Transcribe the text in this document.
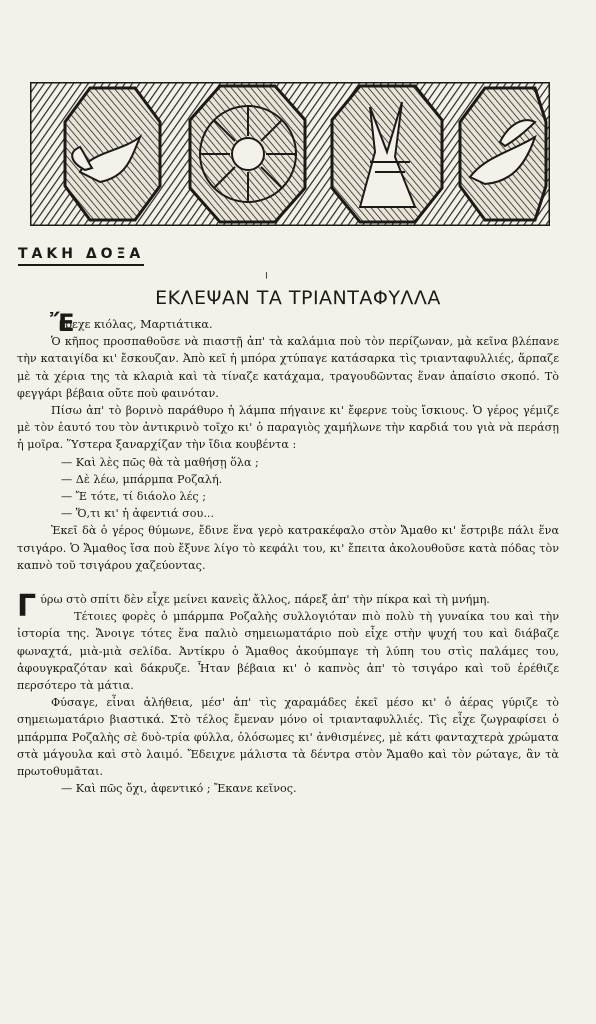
ΤΑΚΗ ΔΟΞΑ
╷
ΕΚΛΕΨΑΝ ΤΑ ΤΡΙΑΝΤΑΦΥΛΛΑ

Ἔ
βρεχε κιόλας, Μαρτιάτικα.

Ὁ κῆπος προσπαθοῦσε νὰ πιαστῇ ἀπ' τὰ καλάμια ποὺ τὸν περίζωναν, μὰ κεῖνα βλέπανε τὴν καταιγίδα κι' ἔσκουζαν. Ἀπὸ κεῖ ἡ μπόρα χτύπαγε κατάσαρκα τὶς τριανταφυλλιές, ἅρπαζε μὲ τὰ χέρια της τὰ κλαριὰ καὶ τὰ τίναζε κατάχαμα, τραγουδῶντας ἕναν ἀπαίσιο σκοπό. Τὸ φεγγάρι βέβαια οὔτε ποὺ φαινόταν.

Πίσω ἀπ' τὸ βορινὸ παράθυρο ἡ λάμπα πήγαινε κι' ἔφερνε τοὺς ἴσκιους. Ὁ γέρος γέμιζε μὲ τὸν ἑαυτό του τὸν ἀντικρινὸ τοῖχο κι' ὁ παραγιὸς χαμήλωνε τὴν καρδιά του γιὰ νὰ περάσῃ ἡ μοῖρα. Ὕστερα ξαναρχίζαν τὴν ἴδια κουβέντα :

— Καὶ λὲς πῶς θὰ τὰ μαθήσῃ ὅλα ;

— Δὲ λέω, μπάρμπα Ροζαλή.

— Ἔ τότε, τί διάολο λές ;

— Ὅ,τι κι' ἡ ἀφεντιά σου...

Ἐκεῖ δὰ ὁ γέρος θύμωνε, ἔδινε ἕνα γερὸ κατρακέφαλο στὸν Ἄμαθο κι' ἔστριβε πάλι ἕνα τσιγάρο. Ὁ Ἄμαθος ἴσα ποὺ ἔξυνε λίγο τὸ κεφάλι του, κι' ἔπειτα ἀκολουθοῦσε κατὰ πόδας τὸν καπνὸ τοῦ τσιγάρου χαζεύοντας.

Γύρω στὸ σπίτι δὲν εἶχε μείνει κανεὶς ἄλλος, πάρεξ ἀπ' τὴν πίκρα καὶ τὴ μνήμη.

Τέτοιες φορὲς ὁ μπάρμπα Ροζαλὴς συλλογιόταν πιὸ πολὺ τὴ γυναίκα του καὶ τὴν ἱστορία της. Ἄνοιγε τότες ἕνα παλιὸ σημειωματάριο ποὺ εἶχε στὴν ψυχή του καὶ διάβαζε φωναχτά, μιὰ-μιὰ σελίδα. Ἀντίκρυ ὁ Ἄμαθος ἀκούμπαγε τὴ λύπη του στὶς παλάμες του, ἀφουγκραζόταν καὶ δάκρυζε. Ἦταν βέβαια κι' ὁ καπνὸς ἀπ' τὸ τσιγάρο καὶ τοῦ ἐρέθιζε περσότερο τὰ μάτια.

Φύσαγε, εἶναι ἀλήθεια, μέσ' ἀπ' τὶς χαραμάδες ἐκεῖ μέσο κι' ὁ ἀέρας γύριζε τὸ σημειωματάριο βιαστικά. Στὸ τέλος ἔμεναν μόνο οἱ τριανταφυλλιές. Τὶς εἶχε ζωγραφίσει ὁ μπάρμπα Ροζαλὴς σὲ δυὸ-τρία φύλλα, ὁλόσωμες κι' ἀνθισμένες, μὲ κάτι φανταχτερὰ χρώματα στὰ μάγουλα καὶ στὸ λαιμό. Ἔδειχνε μάλιστα τὰ δέντρα στὸν Ἄμαθο καὶ τὸν ρώταγε, ἂν τὰ πρωτοθυμᾶται.

— Καὶ πῶς ὄχι, ἀφεντικό ; Ἔκανε κεῖνος.
